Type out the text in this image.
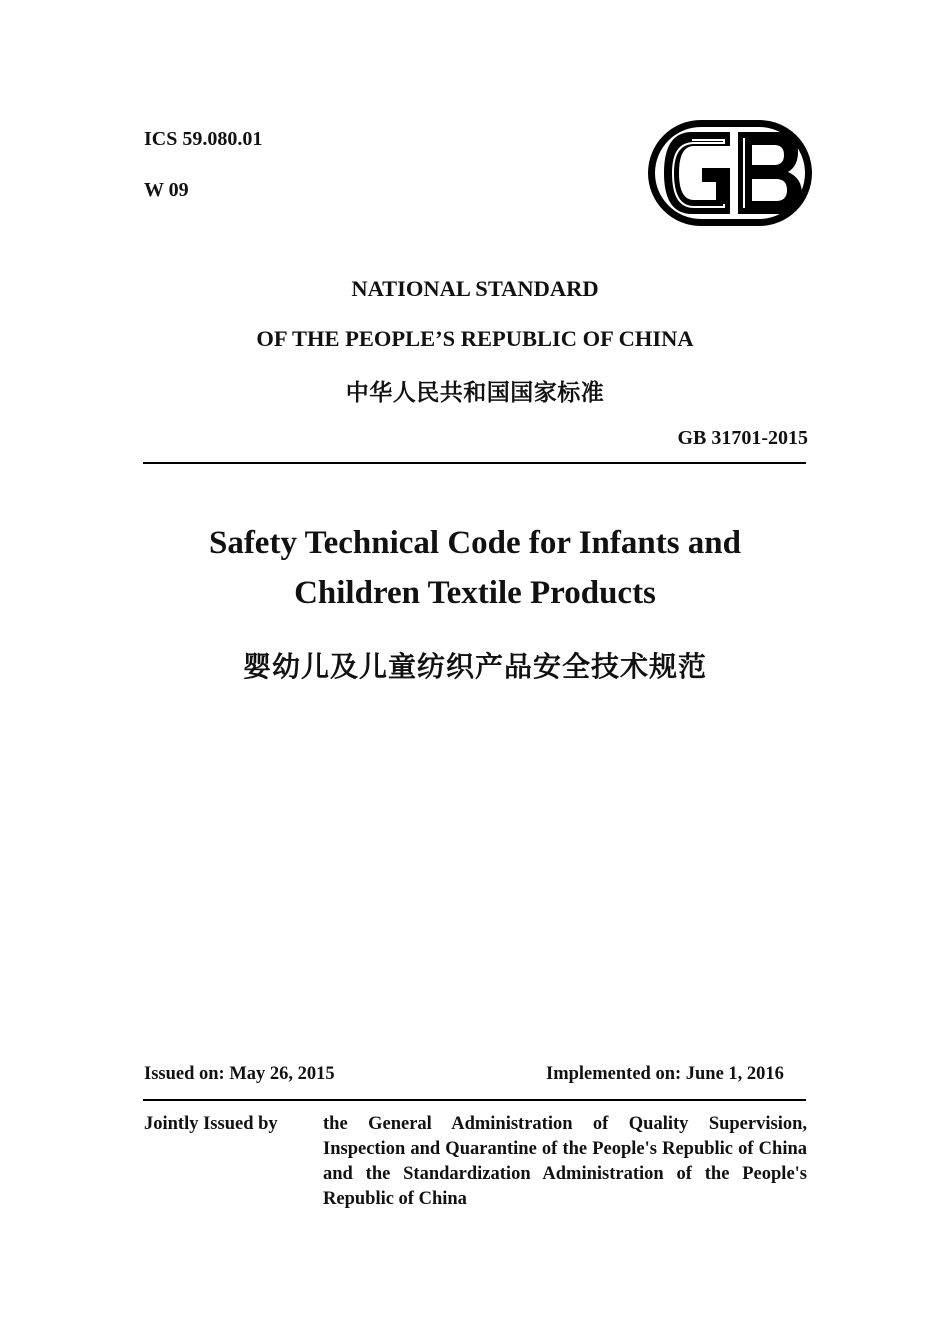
ICS 59.080.01
W 09
NATIONAL STANDARD
OF THE PEOPLE’S REPUBLIC OF CHINA
中华人民共和国国家标准
GB 31701-2015
Safety Technical Code for Infants and Children Textile Products
婴幼儿及儿童纺织产品安全技术规范
Issued on: May 26, 2015	Implemented on: June 1, 2016
Jointly Issued by the General Administration of Quality Supervision, Inspection and Quarantine of the People's Republic of China and the Standardization Administration of the People's Republic of China
